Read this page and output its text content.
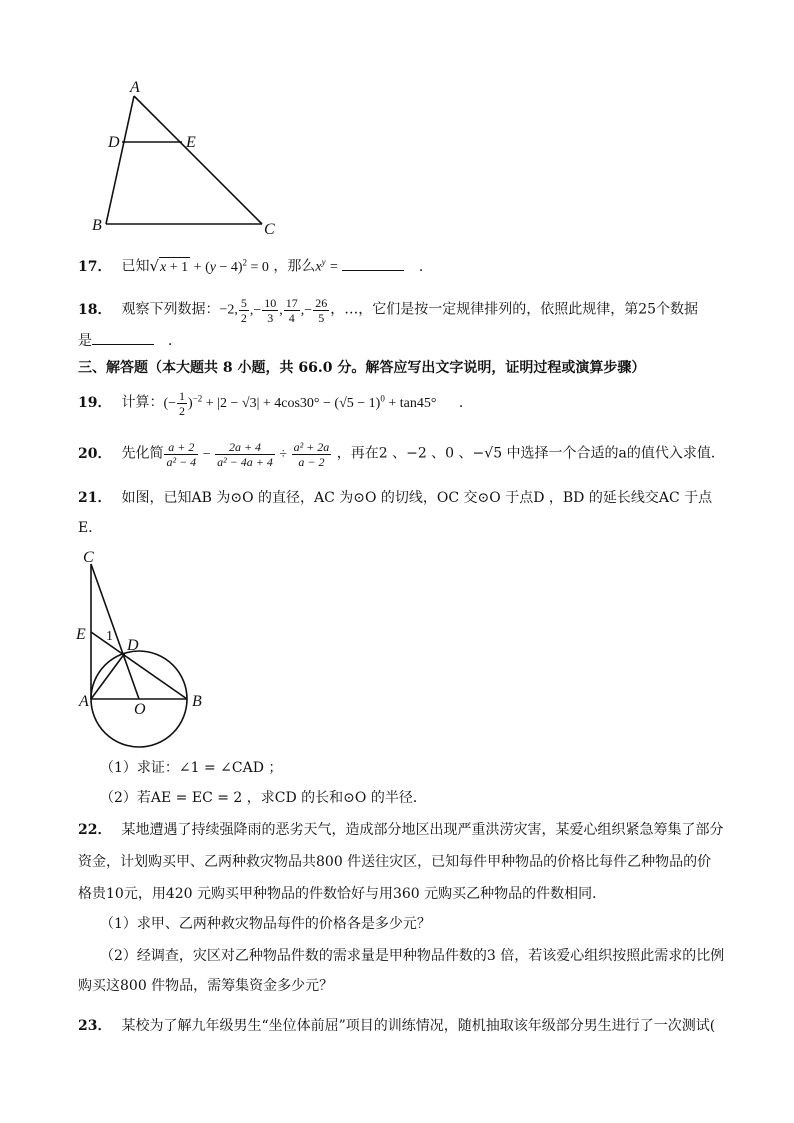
A
D	E
B	C
17． 已知$√x + 1 + (y - 4)^2 = 0$ ，那么$x^y$ =	．
18． 观察下列数据：−2, $\frac{5}{2}$ ,− $\frac{10}{3}$ , $\frac{17}{4}$ ,− $\frac{26}{5}$ ，…，它们是按一定规律排列的，依照此规律，第25个数据
是	．
三、解答题（本大题共 8 小题，共 66.0 分。解答应写出文字说明，证明过程或演算步骤）
19． 计算：(− $\frac{1}{2} )^{-2} + |2 - √3| + 4\cos 30^\circ - (√5 - 1)^0 + \tan 45^\circ$ ．
20． 先化简 $\frac{a + 2}{\text{a² − 4}} - \frac{2a + 4}{\text{a² − 4a + 4}} \div \frac{\text{a² + 2a}}{a - 2}$ ，再在2 、−2 、0 、−√5 中选择一个合适的a的值代入求值．
21． 如图，已知AB 为⊙O 的直径，AC 为⊙O 的切线，OC 交⊙O 于点D ，BD 的延长线交AC 于点
E．
C
E 1
D
A	O	B
（1）求证：∠1 = ∠CAD ；
（2）若AE = EC = 2 ，求CD 的长和⊙O 的半径．
22． 某地遭遇了持续强降雨的恶劣天气，造成部分地区出现严重洪涝灾害，某爱心组织紧急筹集了部分
资金，计划购买甲、乙两种救灾物品共800 件送往灾区，已知每件甲种物品的价格比每件乙种物品的价
格贵10元，用420 元购买甲种物品的件数恰好与用360 元购买乙种物品的件数相同．
（1）求甲、乙两种救灾物品每件的价格各是多少元？
（2）经调查，灾区对乙种物品件数的需求量是甲种物品件数的3 倍，若该爱心组织按照此需求的比例
购买这800 件物品，需筹集资金多少元？
23． 某校为了解九年级男生“坐位体前屈”项目的训练情况，随机抽取该年级部分男生进行了一次测试(
